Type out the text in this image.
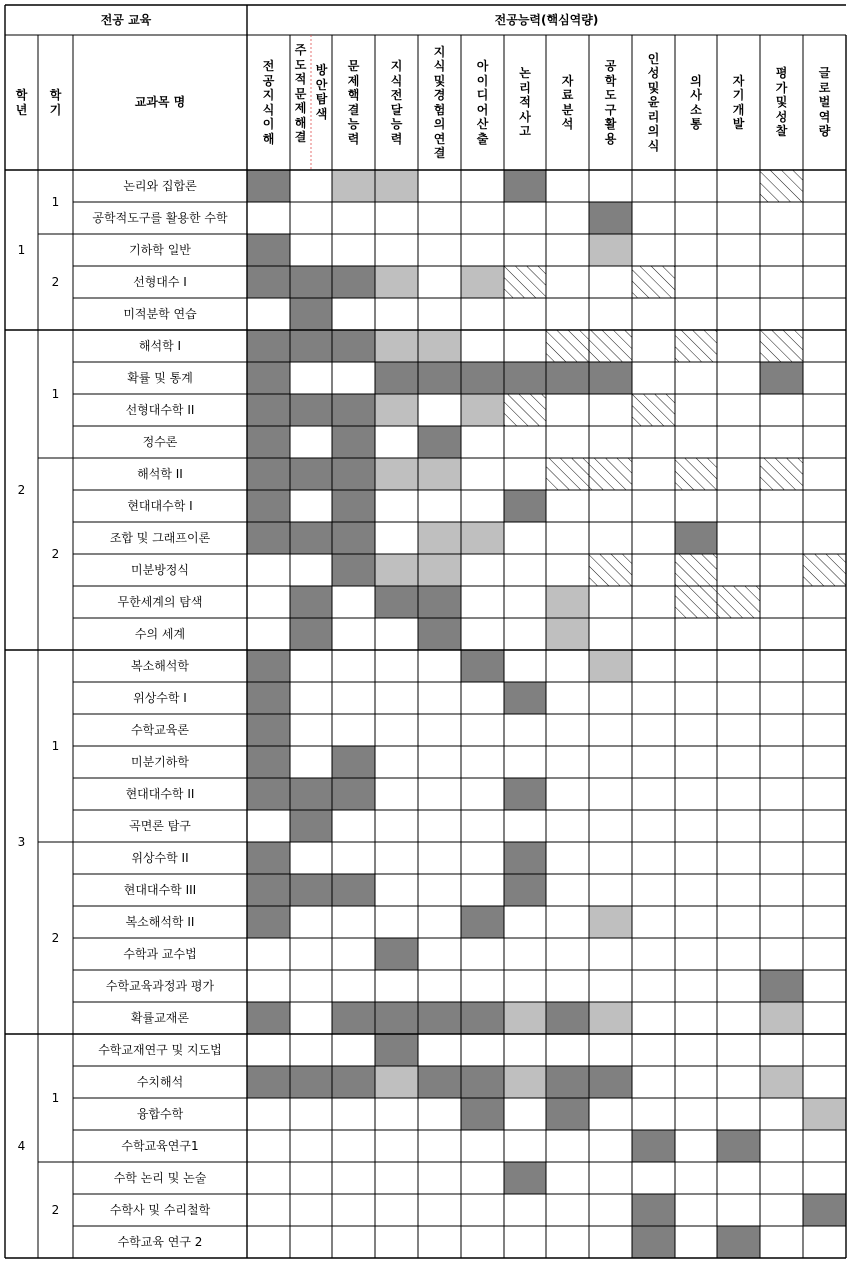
전공 교육	전공능력(핵심역량)
학
년
학
기
교과목 명
전
공
지
식
이
해
주
도
적
문
제
해
결
방
안
탐
색
문
제
핵
결
능
력
지
식
전
달
능
력
지
식
및
경
험
의
연
결
아
이
디
어
산
출
논
리
적
사
고
자
료
분
석
공
학
도
구
활
용
인
성
및
윤
리
의
식
의
사
소
통
자
기
개
발
평
가
및
성
찰
글
로
벌
역
량
논리와 집합론
공학적도구를 활용한 수학
1
기하학 일반
선형대수 I
미적분학 연습
2
1
해석학 I
확률 및 통계
선형대수학 II
정수론
1
해석학 II
현대대수학 I
조합 및 그래프이론
미분방정식
무한세계의 탐색
수의 세계
2
2
복소해석학
위상수학 I
수학교육론
미분기하학
현대대수학 II
곡면론 탐구
1
위상수학 II
현대대수학 III
복소해석학 II
수학과 교수법
수학교육과정과 평가
확률교재론
2
3
수학교재연구 및 지도법
수치해석
융합수학
수학교육연구1
1
수학 논리 및 논술
수학사 및 수리철학
수학교육 연구 2
2
4
